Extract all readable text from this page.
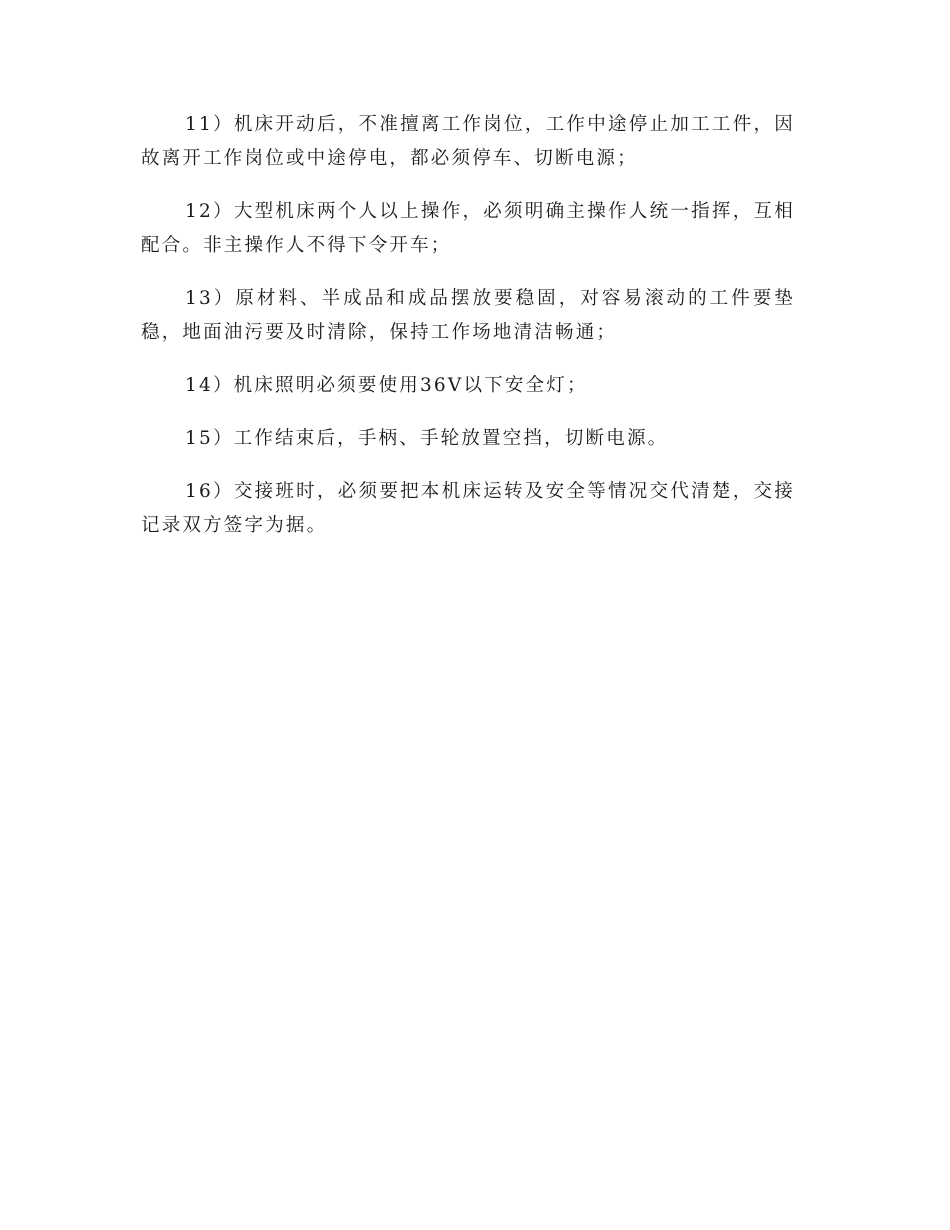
11）机床开动后，不准擅离工作岗位，工作中途停止加工工件，因故离开工作岗位或中途停电，都必须停车、切断电源；

12）大型机床两个人以上操作，必须明确主操作人统一指挥，互相配合。非主操作人不得下令开车；

13）原材料、半成品和成品摆放要稳固，对容易滚动的工件要垫稳，地面油污要及时清除，保持工作场地清洁畅通；

14）机床照明必须要使用36V以下安全灯；

15）工作结束后，手柄、手轮放置空挡，切断电源。

16）交接班时，必须要把本机床运转及安全等情况交代清楚，交接记录双方签字为据。
